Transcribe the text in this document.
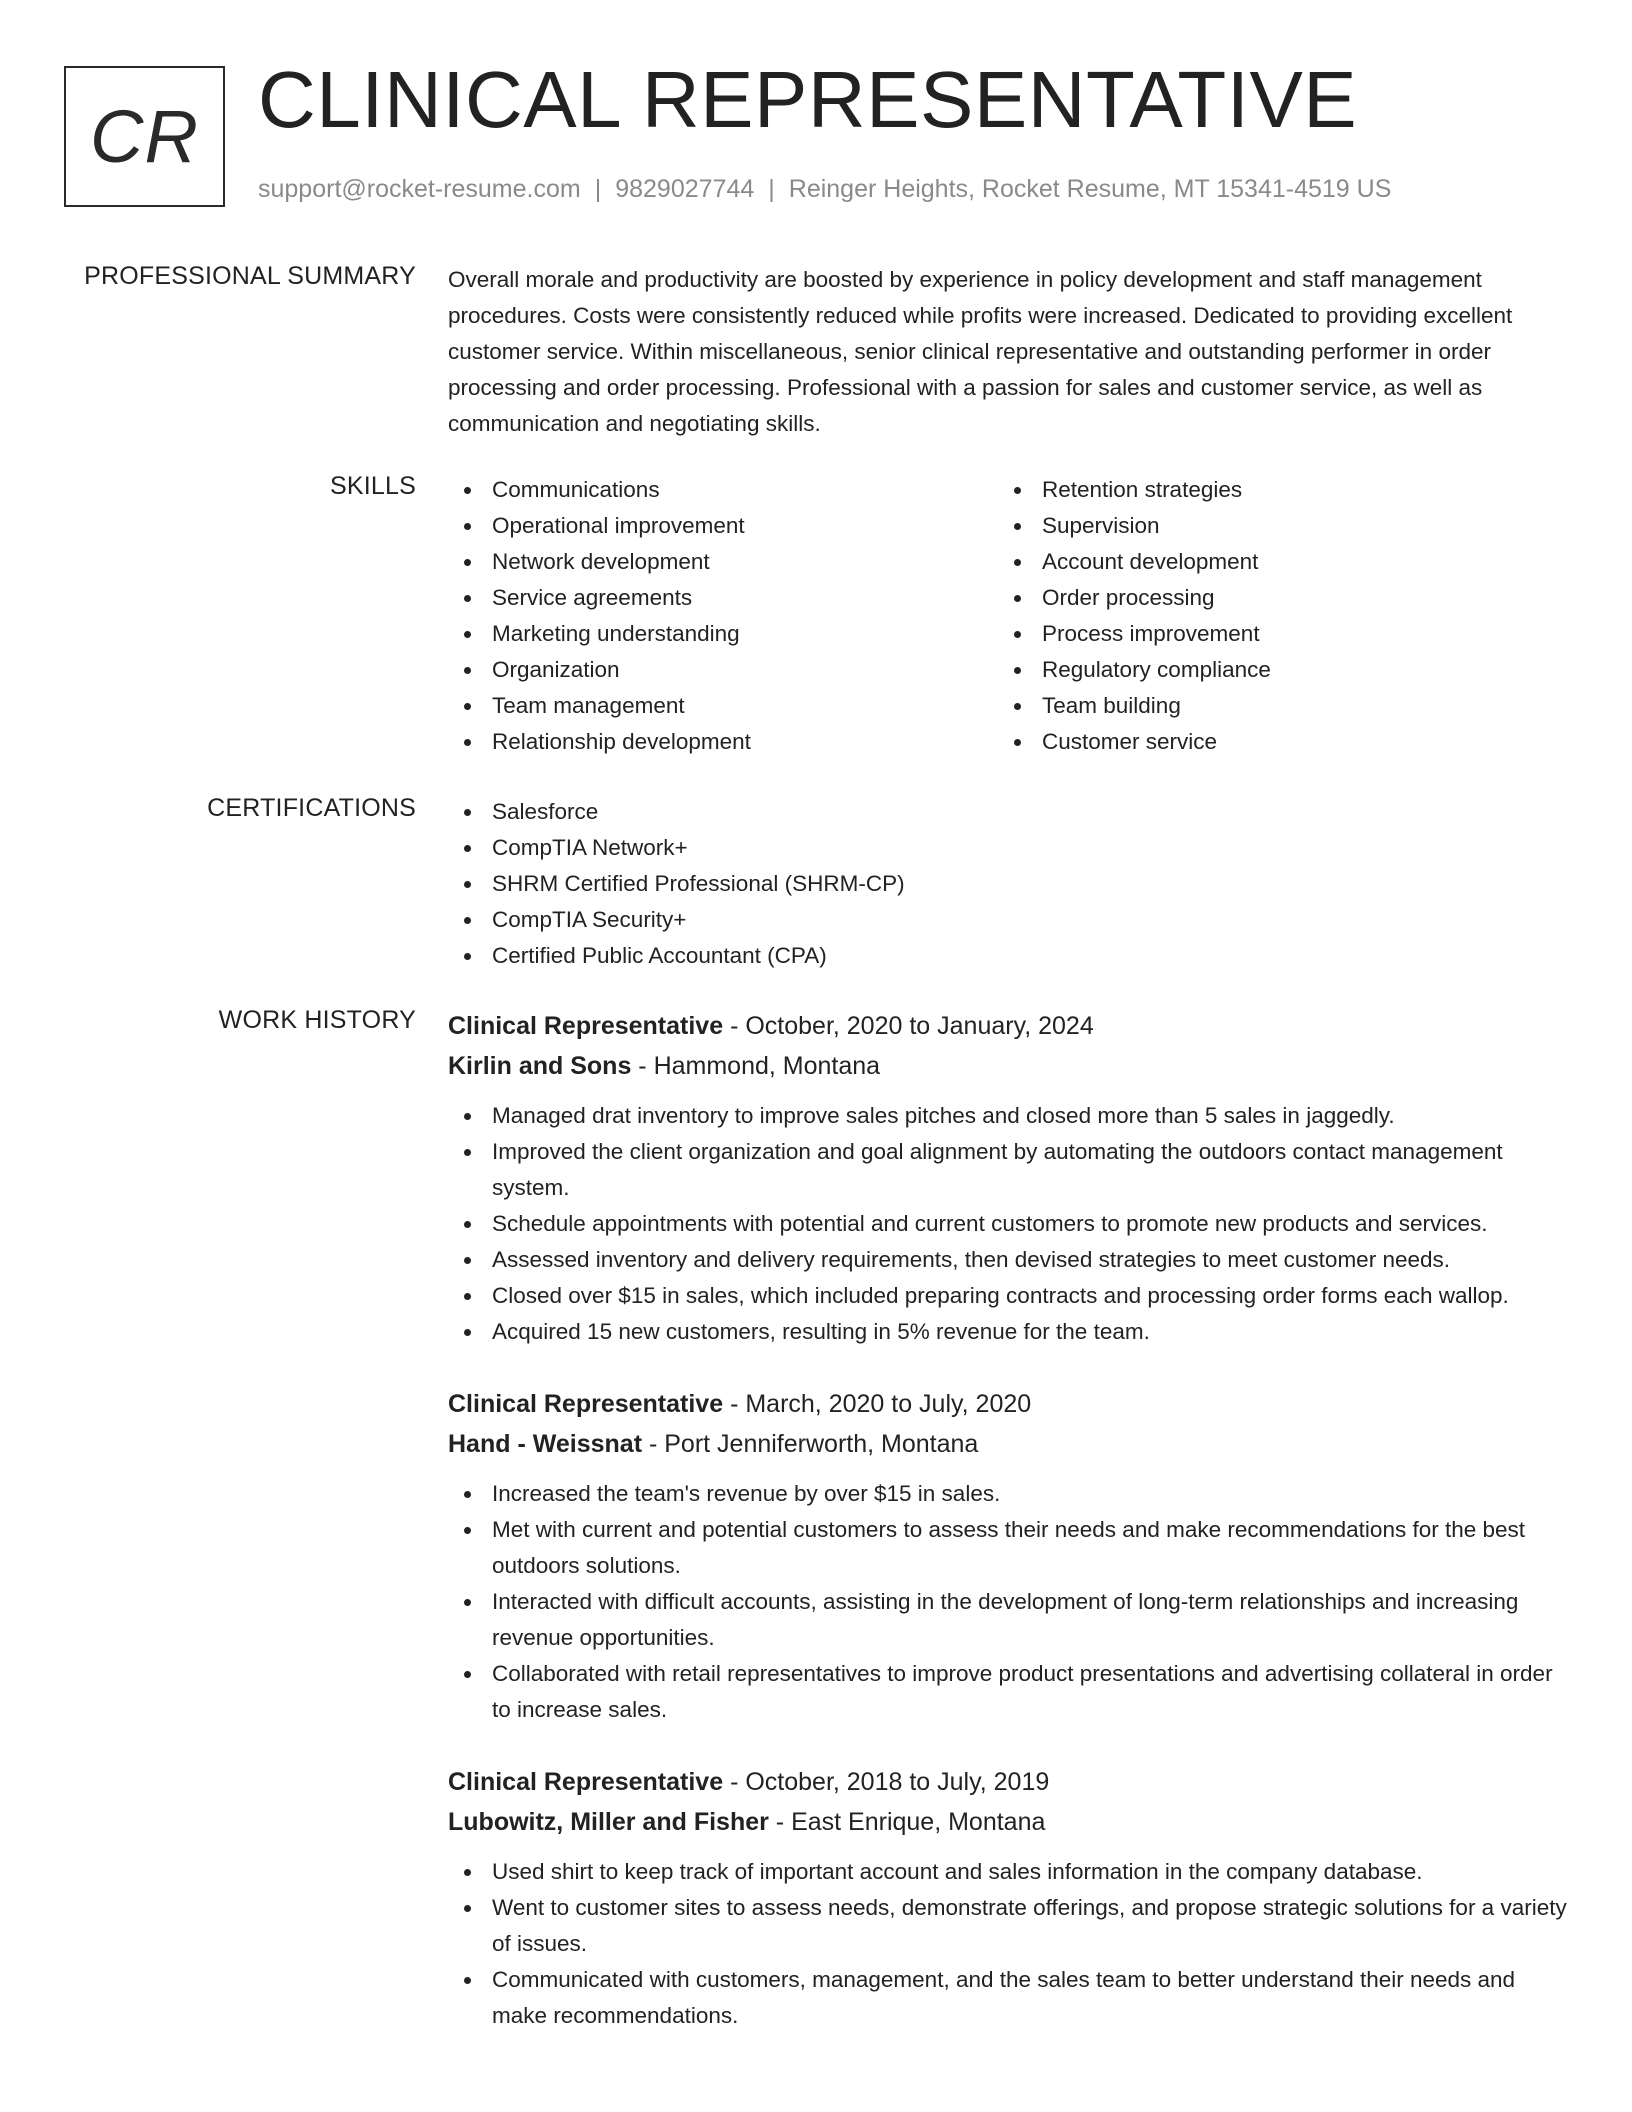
CR CLINICAL REPRESENTATIVE
support@rocket-resume.com | 9829027744 | Reinger Heights, Rocket Resume, MT 15341-4519 US
PROFESSIONAL SUMMARY Overall morale and productivity are boosted by experience in policy development and staff management procedures. Costs were consistently reduced while profits were increased. Dedicated to providing excellent customer service. Within miscellaneous, senior clinical representative and outstanding performer in order processing and order processing. Professional with a passion for sales and customer service, as well as communication and negotiating skills.

SKILLS	Communications
Operational improvement
Network development
Service agreements
Marketing understanding
Organization
Team management
Relationship development
Retention strategies
Supervision
Account development
Order processing
Process improvement
Regulatory compliance
Team building
Customer service
CERTIFICATIONS	Salesforce
CompTIA Network+
SHRM Certified Professional (SHRM-CP)
CompTIA Security+
Certified Public Accountant (CPA)
WORK HISTORY Clinical Representative - October, 2020 to January, 2024
Kirlin and Sons - Hammond, Montana
Managed drat inventory to improve sales pitches and closed more than 5 sales in jaggedly.
Improved the client organization and goal alignment by automating the outdoors contact management system.
Schedule appointments with potential and current customers to promote new products and services.
Assessed inventory and delivery requirements, then devised strategies to meet customer needs.
Closed over $15 in sales, which included preparing contracts and processing order forms each wallop.
Acquired 15 new customers, resulting in 5% revenue for the team.
Clinical Representative - March, 2020 to July, 2020
Hand - Weissnat - Port Jenniferworth, Montana
Increased the team's revenue by over $15 in sales.
Met with current and potential customers to assess their needs and make recommendations for the best outdoors solutions.
Interacted with difficult accounts, assisting in the development of long-term relationships and increasing revenue opportunities.
Collaborated with retail representatives to improve product presentations and advertising collateral in order to increase sales.
Clinical Representative - October, 2018 to July, 2019
Lubowitz, Miller and Fisher - East Enrique, Montana
Used shirt to keep track of important account and sales information in the company database.
Went to customer sites to assess needs, demonstrate offerings, and propose strategic solutions for a variety of issues.
Communicated with customers, management, and the sales team to better understand their needs and make recommendations.
